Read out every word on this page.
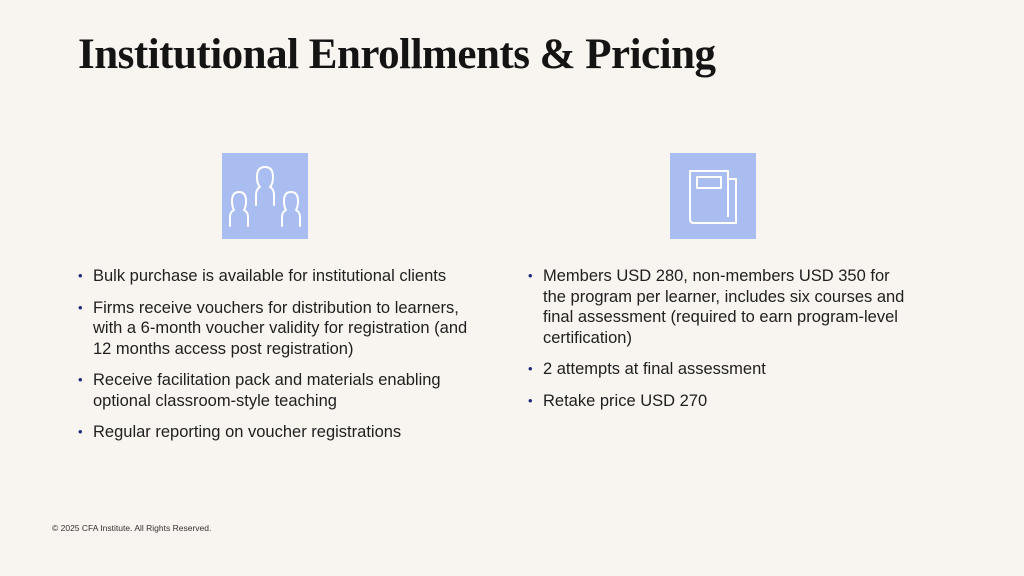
Institutional Enrollments & Pricing
• Bulk purchase is available for institutional clients
• Firms receive vouchers for distribution to learners, with a 6-month voucher validity for registration (and 12 months access post registration)
• Receive facilitation pack and materials enabling optional classroom-style teaching
• Regular reporting on voucher registrations
• Members USD 280, non-members USD 350 for the program per learner, includes six courses and final assessment (required to earn program-level certification)
• 2 attempts at final assessment
• Retake price USD 270
© 2025 CFA Institute. All Rights Reserved.
